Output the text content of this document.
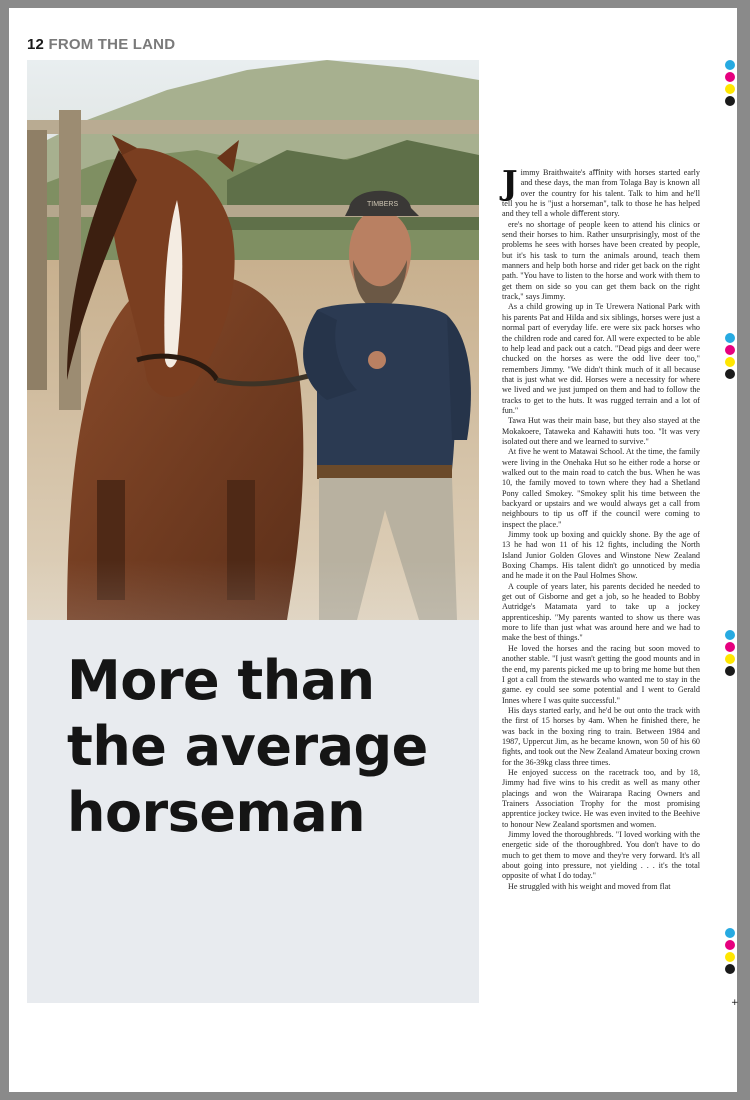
12 FROM THE LAND
TIMBERS
More than
the average
horseman

Jimmy Braithwaite's aﬃnity with horses started early and these days, the man from Tolaga Bay is known all over the country for his talent. Talk to him and he'll tell you he is "just a horseman", talk to those he has helped and they tell a whole diﬀerent story.

ere's no shortage of people keen to attend his clinics or send their horses to him. Rather unsurprisingly, most of the problems he sees with horses have been created by people, but it's his task to turn the animals around, teach them manners and help both horse and rider get back on the right path. "You have to listen to the horse and work with them to get them on side so you can get them back on the right track," says Jimmy.

As a child growing up in Te Urewera National Park with his parents Pat and Hilda and six siblings, horses were just a normal part of everyday life. ere were six pack horses who the children rode and cared for. All were expected to be able to help lead and pack out a catch. "Dead pigs and deer were chucked on the horses as were the odd live deer too," remembers Jimmy. "We didn't think much of it all because that is just what we did. Horses were a necessity for where we lived and we just jumped on them and had to follow the tracks to get to the huts. It was rugged terrain and a lot of fun."

Tawa Hut was their main base, but they also stayed at the Mokakoere, Tataweka and Kahawiti huts too. "It was very isolated out there and we learned to survive."

At five he went to Matawai School. At the time, the family were living in the Onehaka Hut so he either rode a horse or walked out to the main road to catch the bus. When he was 10, the family moved to town where they had a Shetland Pony called Smokey. "Smokey split his time between the backyard or upstairs and we would always get a call from neighbours to tip us oﬀ if the council were coming to inspect the place."

Jimmy took up boxing and quickly shone. By the age of 13 he had won 11 of his 12 fights, including the North Island Junior Golden Gloves and Winstone New Zealand Boxing Champs. His talent didn't go unnoticed by media and he made it on the Paul Holmes Show.

A couple of years later, his parents decided he needed to get out of Gisborne and get a job, so he headed to Bobby Autridge's Matamata yard to take up a jockey apprenticeship. "My parents wanted to show us there was more to life than just what was around here and we had to make the best of things."

He loved the horses and the racing but soon moved to another stable. "I just wasn't getting the good mounts and in the end, my parents picked me up to bring me home but then I got a call from the stewards who wanted me to stay in the game. ey could see some potential and I went to Gerald Innes where I was quite successful."

His days started early, and he'd be out onto the track with the first of 15 horses by 4am. When he finished there, he was back in the boxing ring to train. Between 1984 and 1987, Uppercut Jim, as he became known, won 50 of his 60 fights, and took out the New Zealand Amateur boxing crown for the 36-39kg class three times.

He enjoyed success on the racetrack too, and by 18, Jimmy had five wins to his credit as well as many other placings and won the Wairarapa Racing Owners and Trainers Association Trophy for the most promising apprentice jockey twice. He was even invited to the Beehive to honour New Zealand sportsmen and women.

Jimmy loved the thoroughbreds. "I loved working with the energetic side of the thoroughbred. You don't have to do much to get them to move and they're very forward. It's all about going into pressure, not yielding . . . it's the total opposite of what I do today."

He struggled with his weight and moved from flat

+
